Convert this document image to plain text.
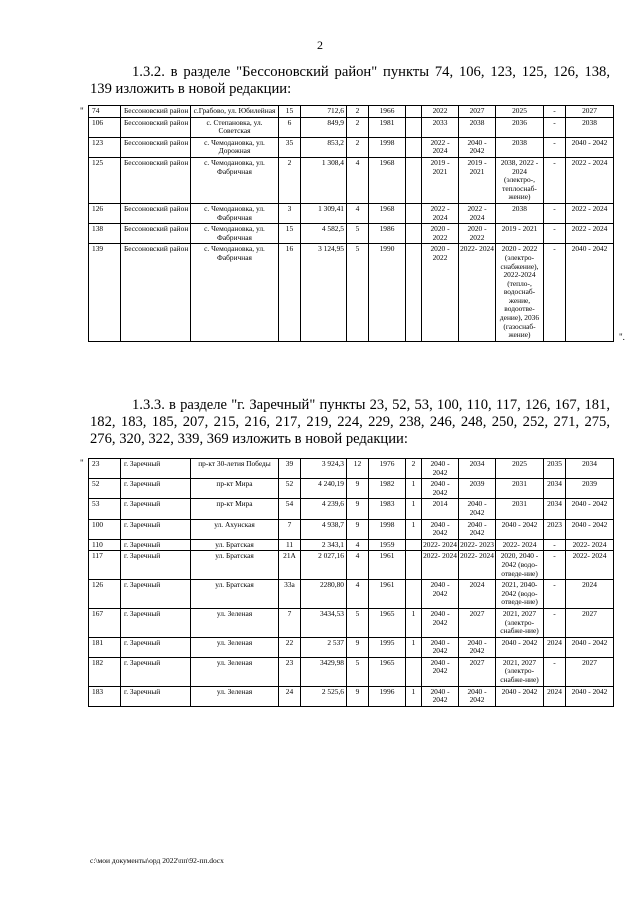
2
1.3.2. в разделе "Бессоновский район" пункты 74, 106, 123, 125, 126, 138, 139 изложить в новой редакции:
" 74	Бессоновский район	с.Грабово, ул. Юбилейная	15	712,6	2	1966		2022	2027	2025	-	2027
106	Бессоновский район	с. Степановка, ул. Советская	6	849,9	2	1981		2033	2038	2036	-	2038
123	Бессоновский район	с. Чемодановка, ул. Дорожная	35	853,2	2	1998		2022 - 2024	2040 - 2042	2038	-	2040 - 2042
125	Бессоновский район	с. Чемодановка, ул. Фабричная	2	1 308,4	4	1968		2019 - 2021	2019 - 2021	2038, 2022 - 2024 (электро-, теплоснаб-жение)	-	2022 - 2024
126	Бессоновский район	с. Чемодановка, ул. Фабричная	3	1 309,41	4	1968		2022 - 2024	2022 - 2024	2038	-	2022 - 2024
138	Бессоновский район	с. Чемодановка, ул. Фабричная	15	4 582,5	5	1986		2020 - 2022	2020 - 2022	2019 - 2021	-	2022 - 2024
139	Бессоновский район	с. Чемодановка, ул. Фабричная	16	3 124,95	5	1990		2020 - 2022	2022- 2024	2020 - 2022 (электро-снабжение), 2022-2024 (тепло-, водоснаб-жение, водоотве-дение), 2036 (газоснаб-жение)	-	2040 - 2042
".
1.3.3. в разделе "г. Заречный" пункты 23, 52, 53, 100, 110, 117, 126, 167, 181, 182, 183, 185, 207, 215, 216, 217, 219, 224, 229, 238, 246, 248, 250, 252, 271, 275, 276, 320, 322, 339, 369 изложить в новой редакции:
" 23	г. Заречный	пр-кт 30-летия Победы	39	3 924,3	12	1976	2	2040 - 2042	2034	2025	2035	2034
52	г. Заречный	пр-кт Мира	52	4 240,19	9	1982	1	2040 - 2042	2039	2031	2034	2039
53	г. Заречный	пр-кт Мира	54	4 239,6	9	1983	1	2014	2040 - 2042	2031	2034	2040 - 2042
100	г. Заречный	ул. Ахунская	7	4 938,7	9	1998	1	2040 - 2042	2040 - 2042	2040 - 2042	2023	2040 - 2042
110	г. Заречный	ул. Братская	11	2 343,1	4	1959		2022- 2024	2022- 2023	2022- 2024	-	2022- 2024
117	г. Заречный	ул. Братская	21А	2 027,16	4	1961		2022- 2024	2022- 2024	2020, 2040 - 2042 (водо-отведе-ние)	-	2022- 2024
126	г. Заречный	ул. Братская	33а	2280,80	4	1961		2040 - 2042	2024	2021, 2040- 2042 (водо-отведе-ние)	-	2024
167	г. Заречный	ул. Зеленая	7	3434,53	5	1965	1	2040 - 2042	2027	2021, 2027 (электро-снабже-ние)	-	2027
181	г. Заречный	ул. Зеленая	22	2 537	9	1995	1	2040 - 2042	2040 - 2042	2040 - 2042	2024	2040 - 2042
182	г. Заречный	ул. Зеленая	23	3429,98	5	1965		2040 - 2042	2027	2021, 2027 (электро-снабже-ние)	-	2027
183	г. Заречный	ул. Зеленая	24	2 525,6	9	1996	1	2040 - 2042	2040 - 2042	2040 - 2042	2024	2040 - 2042
c:\мои документы\орд 2022\пп\92-пп.docx
